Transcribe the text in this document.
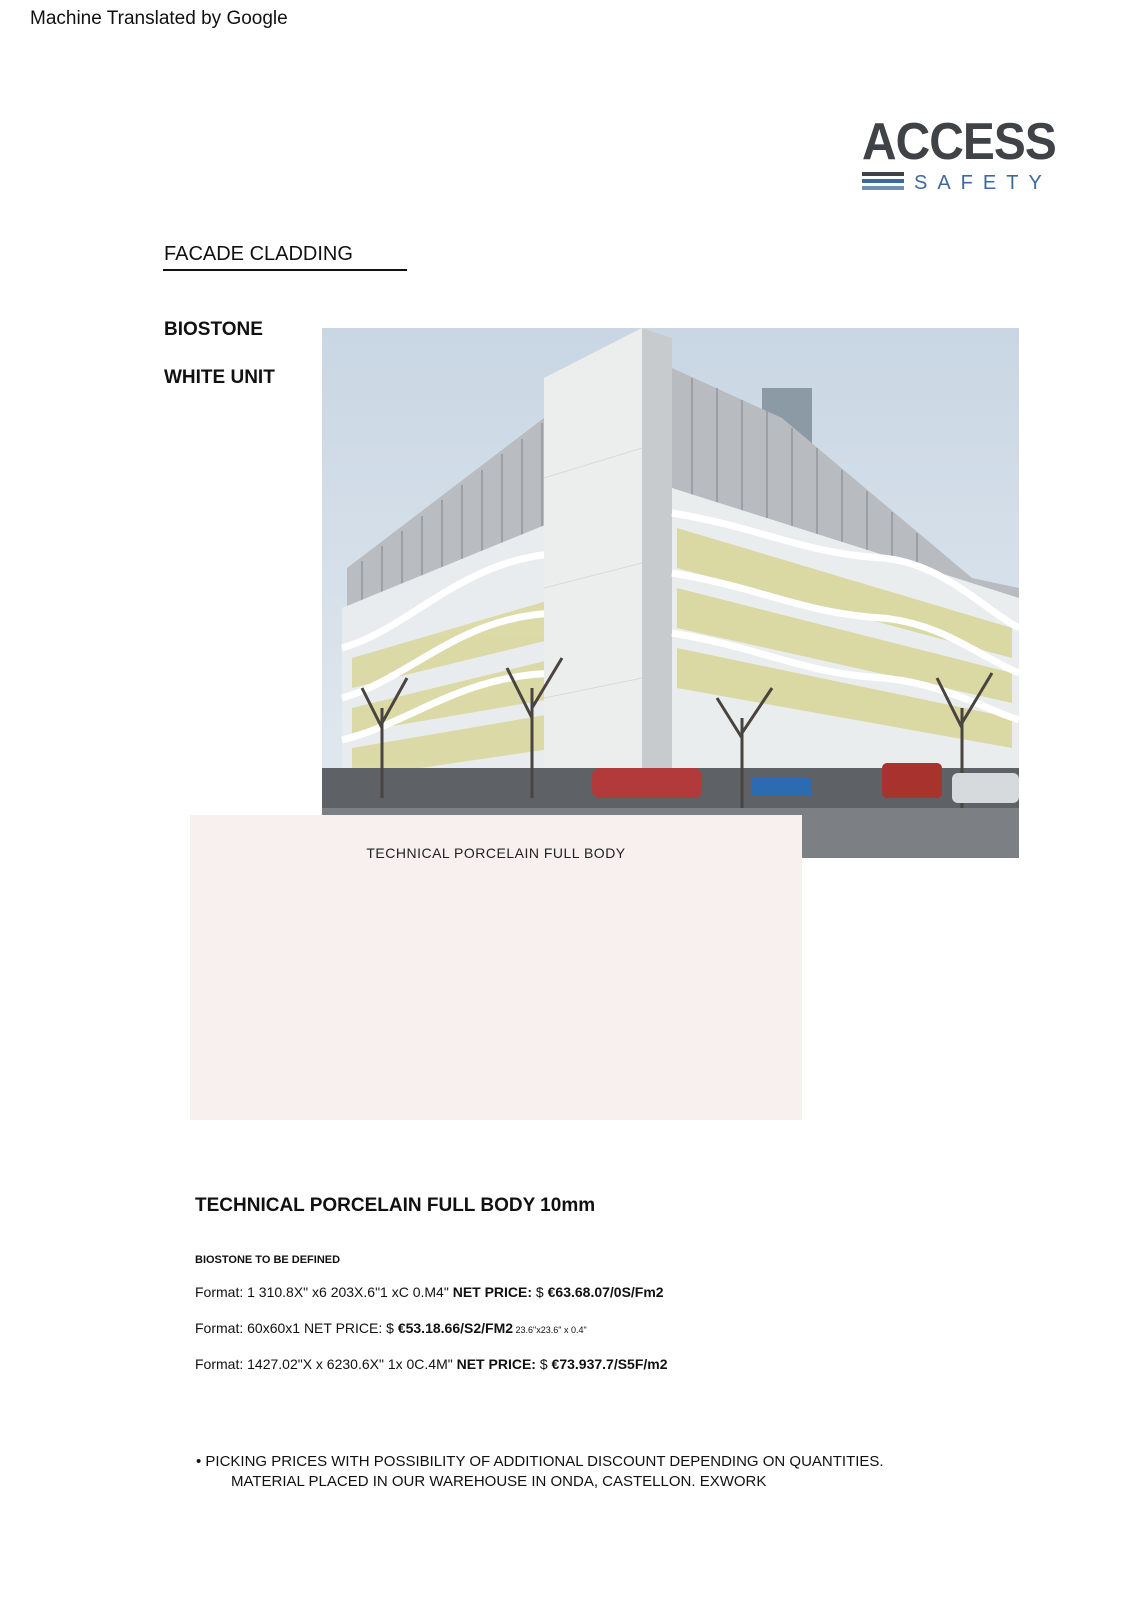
Machine Translated by Google
ACCESS
SAFETY
FACADE CLADDING
BIOSTONE
WHITE UNIT
TECHNICAL PORCELAIN FULL BODY
TECHNICAL PORCELAIN FULL BODY 10mm
BIOSTONE TO BE DEFINED
Format: 1 310.8X" x6 203X.6"1 xC 0.M4" NET PRICE: $ €63.68.07/0S/Fm2
Format: 60x60x1 NET PRICE: $ €53.18.66/S2/FM2 23.6"x23.6" x 0.4"
Format: 1427.02"X x 6230.6X" 1x 0C.4M" NET PRICE: $ €73.937.7/S5F/m2
• PICKING PRICES WITH POSSIBILITY OF ADDITIONAL DISCOUNT DEPENDING ON QUANTITIES.
MATERIAL PLACED IN OUR WAREHOUSE IN ONDA, CASTELLON. EXWORK
